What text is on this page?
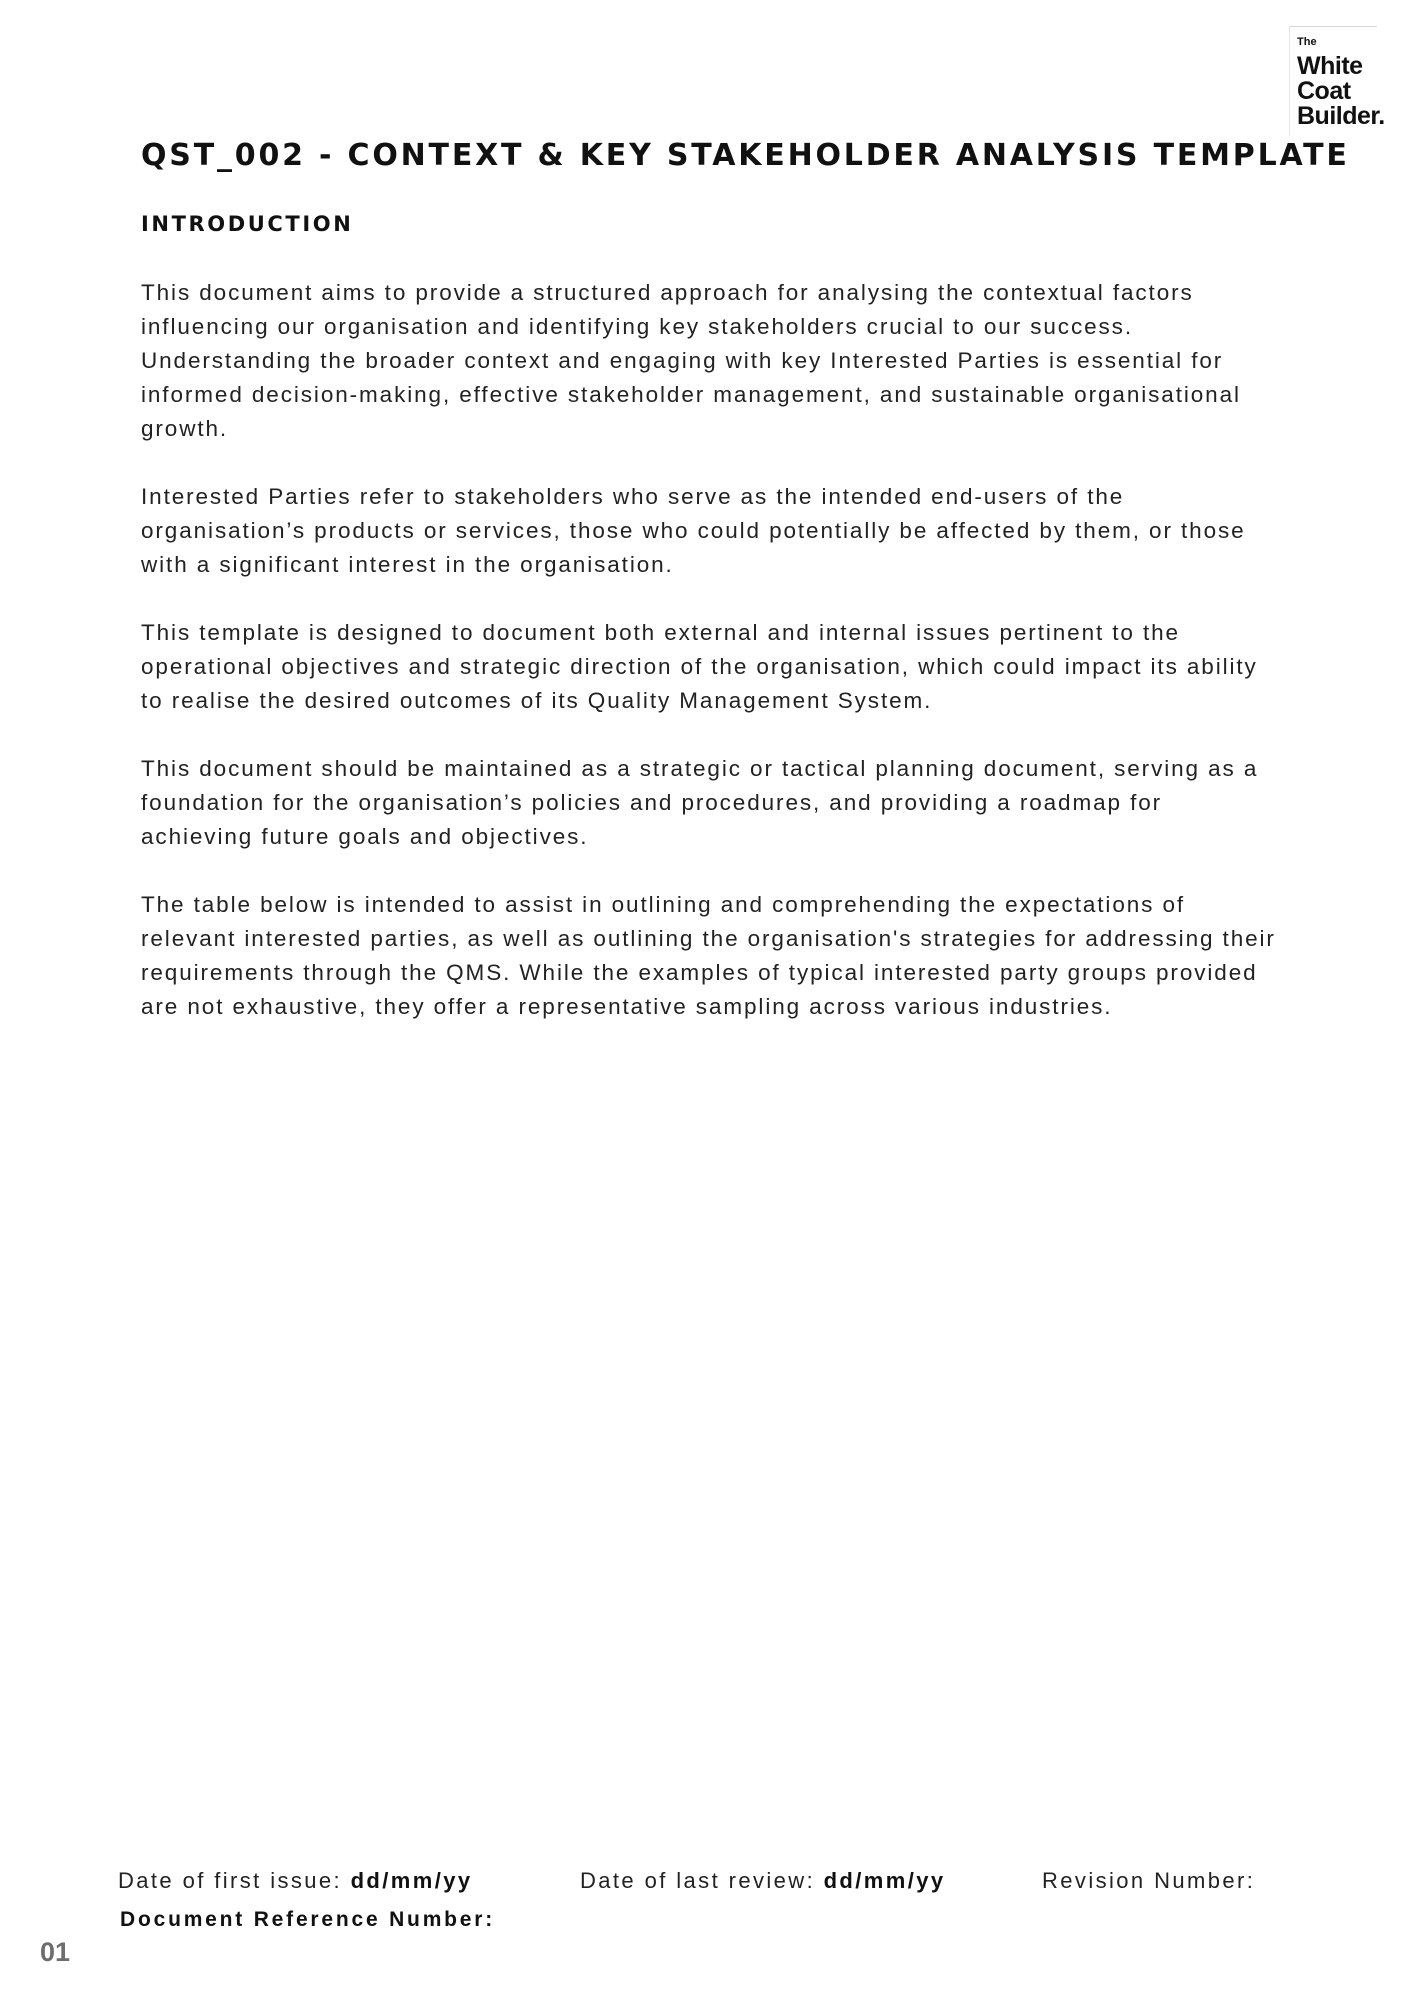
The
White
Coat
Builder.
QST_002 - CONTEXT & KEY STAKEHOLDER ANALYSIS TEMPLATE
INTRODUCTION

This document aims to provide a structured approach for analysing the contextual factors influencing our organisation and identifying key stakeholders crucial to our success. Understanding the broader context and engaging with key Interested Parties is essential for informed decision-making, effective stakeholder management, and sustainable organisational growth.

Interested Parties refer to stakeholders who serve as the intended end-users of the organisation’s products or services, those who could potentially be affected by them, or those with a significant interest in the organisation.

This template is designed to document both external and internal issues pertinent to the operational objectives and strategic direction of the organisation, which could impact its ability to realise the desired outcomes of its Quality Management System.

This document should be maintained as a strategic or tactical planning document, serving as a foundation for the organisation’s policies and procedures, and providing a roadmap for achieving future goals and objectives.

The table below is intended to assist in outlining and comprehending the expectations of relevant interested parties, as well as outlining the organisation's strategies for addressing their requirements through the QMS. While the examples of typical interested party groups provided are not exhaustive, they offer a representative sampling across various industries.

Date of first issue: dd/mm/yy	Date of last review: dd/mm/yy	Revision Number:
Document Reference Number:
01
